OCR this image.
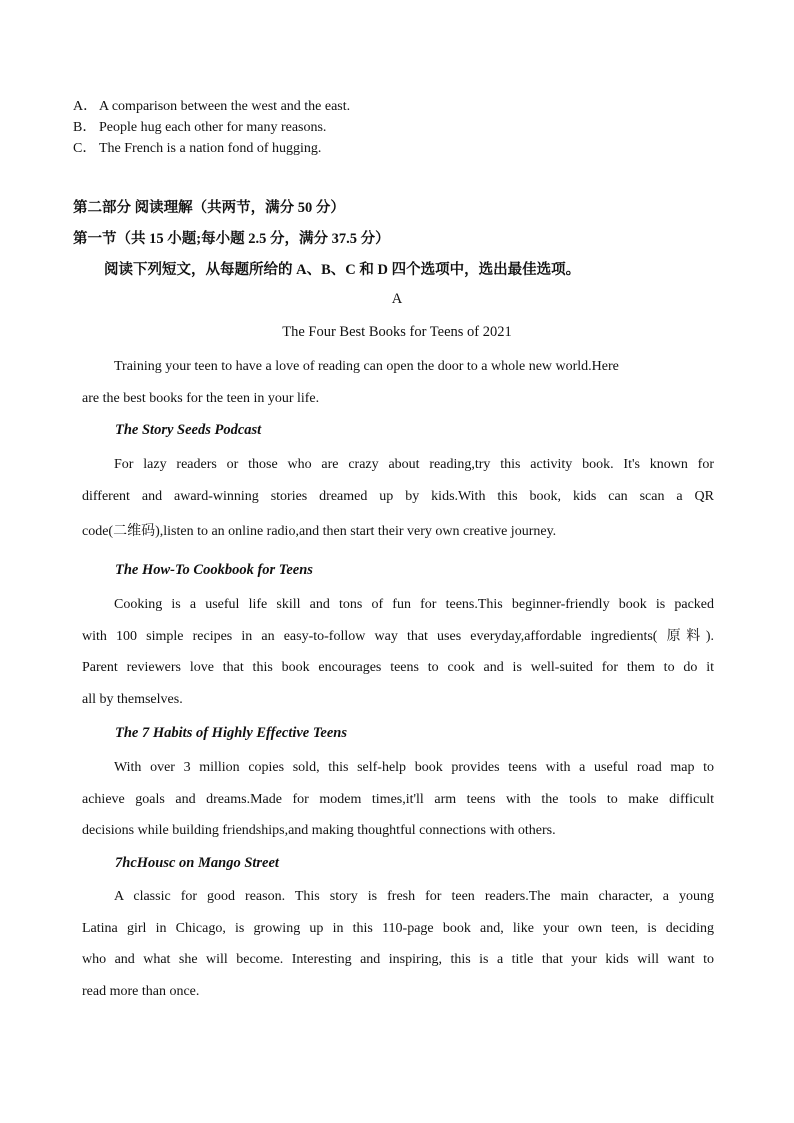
A． A comparison between the west and the east.
B． People hug each other for many reasons.
C． The French is a nation fond of hugging.
第二部分 阅读理解（共两节，满分 50 分）
第一节（共 15 小题;每小题 2.5 分，满分 37.5 分）
阅读下列短文，从每题所给的 A、B、C 和 D 四个选项中，选出最佳选项。
A
The Four Best Books for Teens of 2021
Training your teen to have a love of reading can open the door to a whole new world.Here
are the best books for the teen in your life.
The Story Seeds Podcast
For lazy readers or those who are crazy about reading,try this activity book. It's known for
different and award-winning stories dreamed up by kids.With this book, kids can scan a QR
code(二维码),listen to an online radio,and then start their very own creative journey.
The How-To Cookbook for Teens
Cooking is a useful life skill and tons of fun for teens.This beginner-friendly book is packed
with 100 simple recipes in an easy-to-follow way that uses everyday,affordable ingredients( 原料).
Parent reviewers love that this book encourages teens to cook and is well-suited for them to do it
all by themselves.
The 7 Habits of Highly Effective Teens
With over 3 million copies sold, this self-help book provides teens with a useful road map to
achieve goals and dreams.Made for modem times,it'll arm teens with the tools to make difficult
decisions while building friendships,and making thoughtful connections with others.
7hcHousc on Mango Street
A classic for good reason. This story is fresh for teen readers.The main character, a young
Latina girl in Chicago, is growing up in this 110-page book and, like your own teen, is deciding
who and what she will become. Interesting and inspiring, this is a title that your kids will want to
read more than once.
